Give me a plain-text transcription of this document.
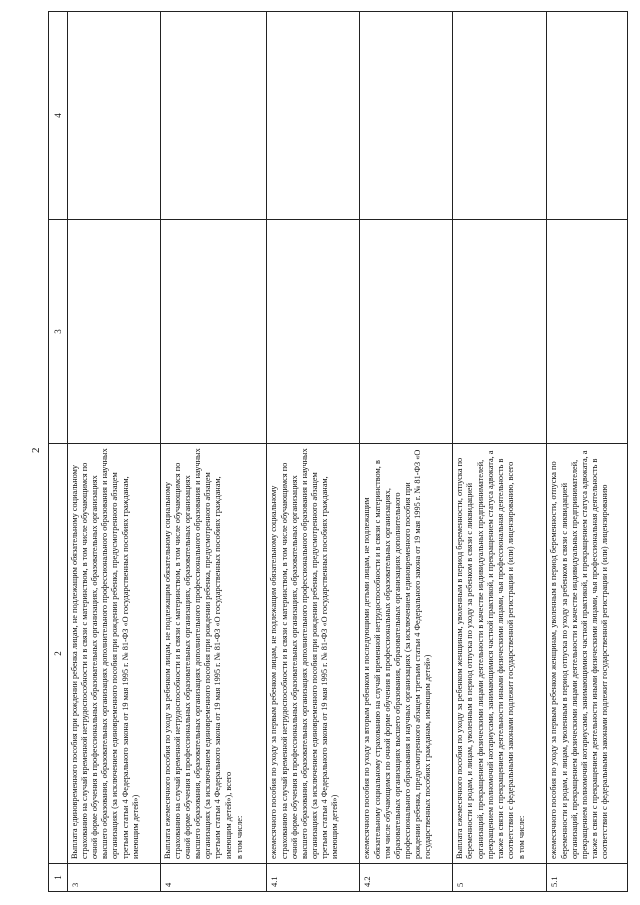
2
1	2	3	4
3	Выплата единовременного пособия при рождении ребенка лицам, не подлежащим обязательному социальному страхованию на случай временной нетрудоспособности и в связи с материнством, в том числе обучающимся по очной форме обучения в профессиональных образовательных организациях, образовательных организациях высшего образования, образовательных организациях дополнительного профессионального образования и научных организациях (за исключением единовременного пособия при рождении ребенка, предусмотренного абзацем третьим статьи 4 Федерального закона от 19 мая 1995 г. № 81-ФЗ «О государственных пособиях гражданам, имеющим детей»)		
4	Выплата ежемесячного пособия по уходу за ребенком лицам, не подлежащим обязательному социальному страхованию на случай временной нетрудоспособности и в связи с материнством, в том числе обучающимся по очной форме обучения в профессиональных образовательных организациях, образовательных организациях высшего образования, образовательных организациях дополнительного профессионального образования и научных организациях (за исключением единовременного пособия при рождении ребенка, предусмотренного абзацем третьим статьи 4 Федерального закона от 19 мая 1995 г. № 81-ФЗ «О государственных пособиях гражданам, имеющим детей»), всего в том числе:		

4.1	ежемесячного пособия по уходу за первым ребенком лицам, не подлежащим обязательному социальному страхованию на случай временной нетрудоспособности и в связи с материнством, в том числе обучающимся по очной форме обучения в профессиональных образовательных организациях, образовательных организациях высшего образования, образовательных организациях дополнительного профессионального образования и научных организациях (за исключением единовременного пособия при рождении ребенка, предусмотренного абзацем третьим статьи 4 Федерального закона от 19 мая 1995 г. № 81-ФЗ «О государственных пособиях гражданам, имеющим детей»)		
4.2	ежемесячного пособия по уходу за вторым ребенком и последующими детьми лицам, не подлежащим обязательному социальному страхованию на случай временной нетрудоспособности и в связи с материнством, в том числе обучающимся по очной форме обучения в профессиональных образовательных организациях, образовательных организациях высшего образования, образовательных организациях дополнительного профессионального образования и научных организациях (за исключением единовременного пособия при рождении ребенка, предусмотренного абзацем третьим статьи 4 Федерального закона от 19 мая 1995 г. № 81-ФЗ «О государственных пособиях гражданам, имеющим детей»)		
5	Выплата ежемесячного пособия по уходу за ребенком женщинам, уволенным в период беременности, отпуска по беременности и родам, и лицам, уволенным в период отпуска по уходу за ребенком в связи с ликвидацией организаций, прекращением физическими лицами деятельности в качестве индивидуальных предпринимателей, прекращением полномочий нотариусами, занимающимися частной практикой, и прекращением статуса адвоката, а также в связи с прекращением деятельности иными физическими лицами, чья профессиональная деятельность в соответствии с федеральными законами подлежит государственной регистрации и (или) лицензированию, всего в том числе:		

5.1	ежемесячного пособия по уходу за первым ребенком женщинам, уволенным в период беременности, отпуска по беременности и родам, и лицам, уволенным в период отпуска по уходу за ребенком в связи с ликвидацией организаций, прекращением физическими лицами деятельности в качестве индивидуальных предпринимателей, прекращением полномочий нотариусами, занимающимися частной практикой, и прекращением статуса адвоката, а также в связи с прекращением деятельности иными физическими лицами, чья профессиональная деятельность в соответствии с федеральными законами подлежит государственной регистрации и (или) лицензированию		
